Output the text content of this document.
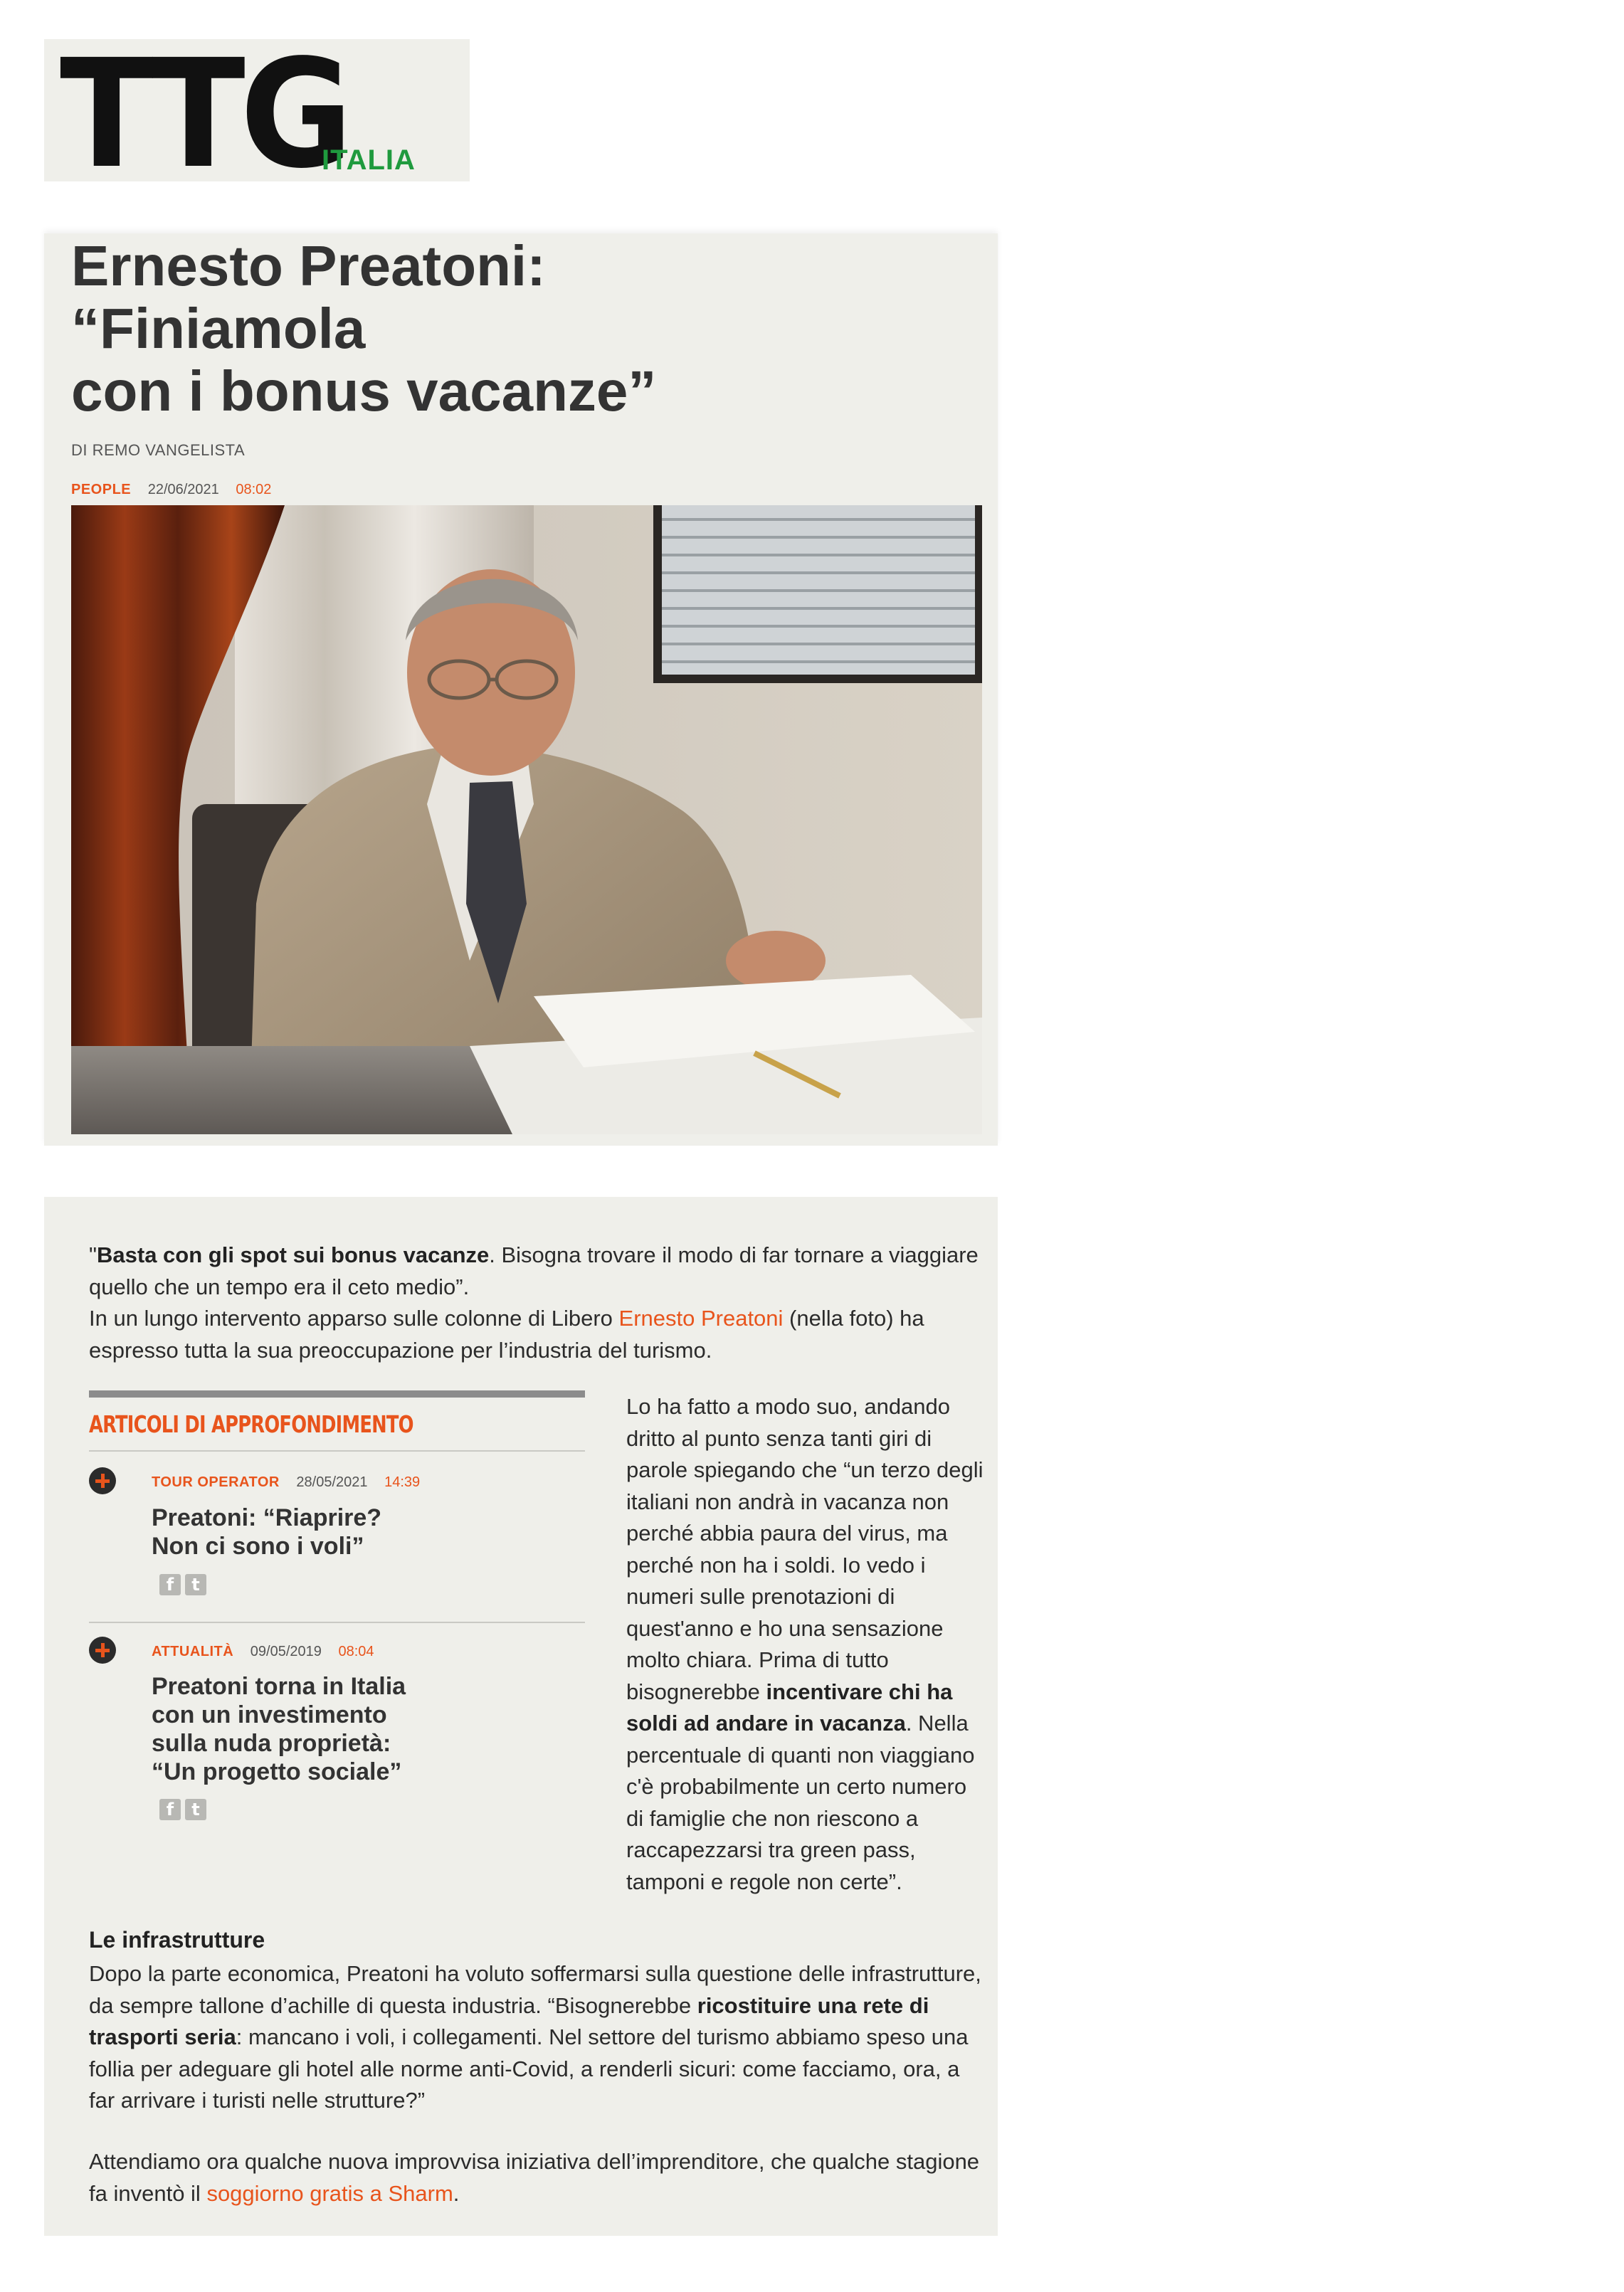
TTG
ITALIA
Ernesto Preatoni:
“Finiamola
con i bonus vacanze”
DI REMO VANGELISTA
PEOPLE 22/06/2021 08:02

"Basta con gli spot sui bonus vacanze. Bisogna trovare il modo di far tornare a viaggiare quello che un tempo era il ceto medio”.
In un lungo intervento apparso sulle colonne di Libero Ernesto Preatoni (nella foto) ha espresso tutta la sua preoccupazione per l’industria del turismo.

ARTICOLI DI APPROFONDIMENTO
TOUR OPERATOR 28/05/2021 14:39
Preatoni: “Riaprire?
Non ci sono i voli”
f	t
ATTUALITÀ 09/05/2019 08:04
Preatoni torna in Italia
con un investimento
sulla nuda proprietà:
“Un progetto sociale”
f	t

Lo ha fatto a modo suo, andando dritto al punto senza tanti giri di parole spiegando che “un terzo degli italiani non andrà in vacanza non perché abbia paura del virus, ma perché non ha i soldi. Io vedo i numeri sulle prenotazioni di quest'anno e ho una sensazione molto chiara. Prima di tutto bisognerebbe incentivare chi ha soldi ad andare in vacanza. Nella percentuale di quanti non viaggiano c'è probabilmente un certo numero di famiglie che non riescono a raccapezzarsi tra green pass, tamponi e regole non certe”.

Le infrastrutture

Dopo la parte economica, Preatoni ha voluto soffermarsi sulla questione delle infrastrutture, da sempre tallone d’achille di questa industria. “Bisognerebbe ricostituire una rete di trasporti seria: mancano i voli, i collegamenti. Nel settore del turismo abbiamo speso una follia per adeguare gli hotel alle norme anti-Covid, a renderli sicuri: come facciamo, ora, a far arrivare i turisti nelle strutture?”

Attendiamo ora qualche nuova improvvisa iniziativa dell’imprenditore, che qualche stagione fa inventò il soggiorno gratis a Sharm.
